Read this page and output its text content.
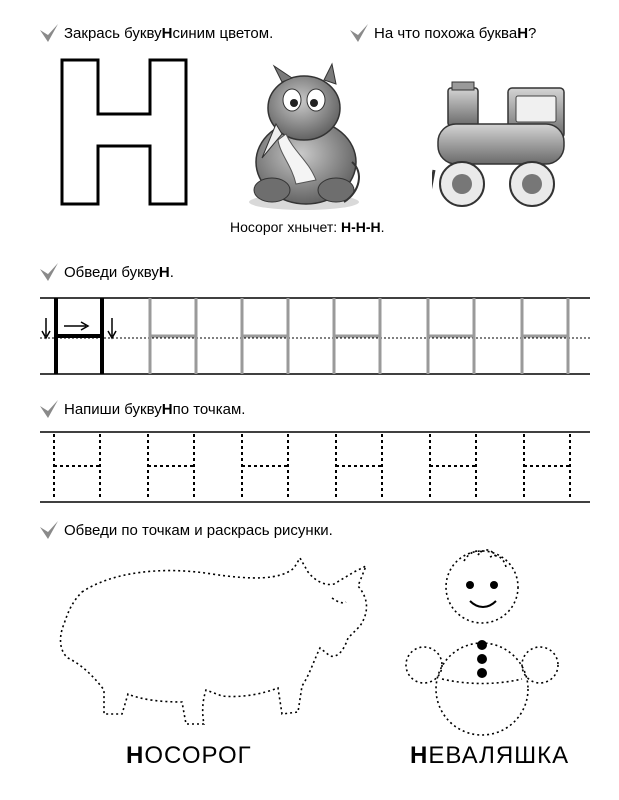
Закрась букву Н синим цветом.	На что похожа буква Н ?
Носорог хнычет: Н-Н-Н.
Обведи букву Н .
Напиши букву Н по точкам.
Обведи по точкам и раскрась рисунки.
НОСОРОГ	НЕВАЛЯШКА
